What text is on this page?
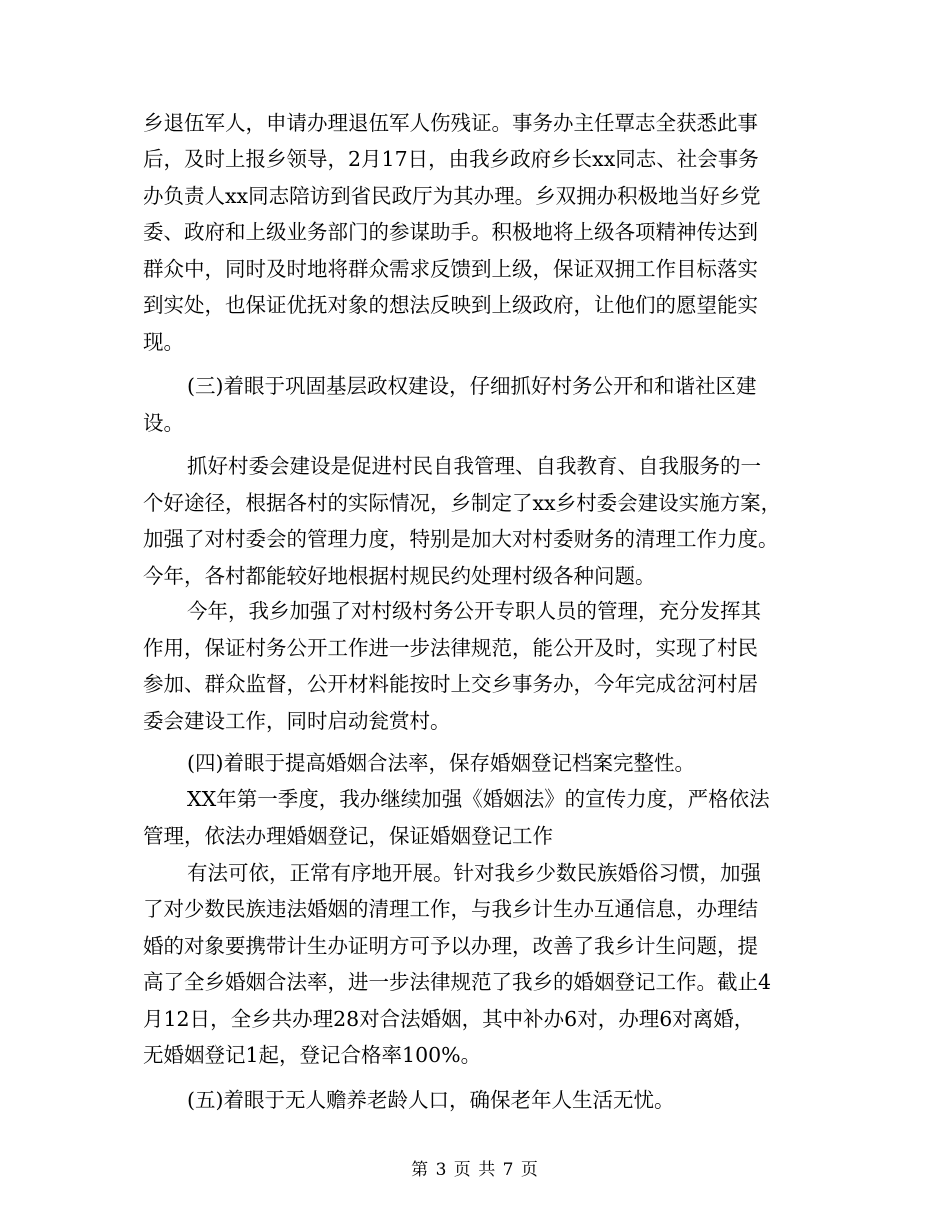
乡退伍军人，申请办理退伍军人伤残证。事务办主任覃志全获悉此事
后，及时上报乡领导，2月17日，由我乡政府乡长xx同志、社会事务
办负责人xx同志陪访到省民政厅为其办理。乡双拥办积极地当好乡党
委、政府和上级业务部门的参谋助手。积极地将上级各项精神传达到
群众中，同时及时地将群众需求反馈到上级，保证双拥工作目标落实
到实处，也保证优抚对象的想法反映到上级政府，让他们的愿望能实
现。
(三)着眼于巩固基层政权建设，仔细抓好村务公开和和谐社区建
设。
抓好村委会建设是促进村民自我管理、自我教育、自我服务的一
个好途径，根据各村的实际情况，乡制定了xx乡村委会建设实施方案，
加强了对村委会的管理力度，特别是加大对村委财务的清理工作力度。
今年，各村都能较好地根据村规民约处理村级各种问题。
今年，我乡加强了对村级村务公开专职人员的管理，充分发挥其
作用，保证村务公开工作进一步法律规范，能公开及时，实现了村民
参加、群众监督，公开材料能按时上交乡事务办，今年完成岔河村居
委会建设工作，同时启动瓮赏村。
(四)着眼于提高婚姻合法率，保存婚姻登记档案完整性。
XX年第一季度，我办继续加强《婚姻法》的宣传力度，严格依法
管理，依法办理婚姻登记，保证婚姻登记工作
有法可依，正常有序地开展。针对我乡少数民族婚俗习惯，加强
了对少数民族违法婚姻的清理工作，与我乡计生办互通信息，办理结
婚的对象要携带计生办证明方可予以办理，改善了我乡计生问题，提
高了全乡婚姻合法率，进一步法律规范了我乡的婚姻登记工作。截止4
月12日，全乡共办理28对合法婚姻，其中补办6对，办理6对离婚，
无婚姻登记1起，登记合格率100%。
(五)着眼于无人赡养老龄人口，确保老年人生活无忧。
第 3 页 共 7 页
